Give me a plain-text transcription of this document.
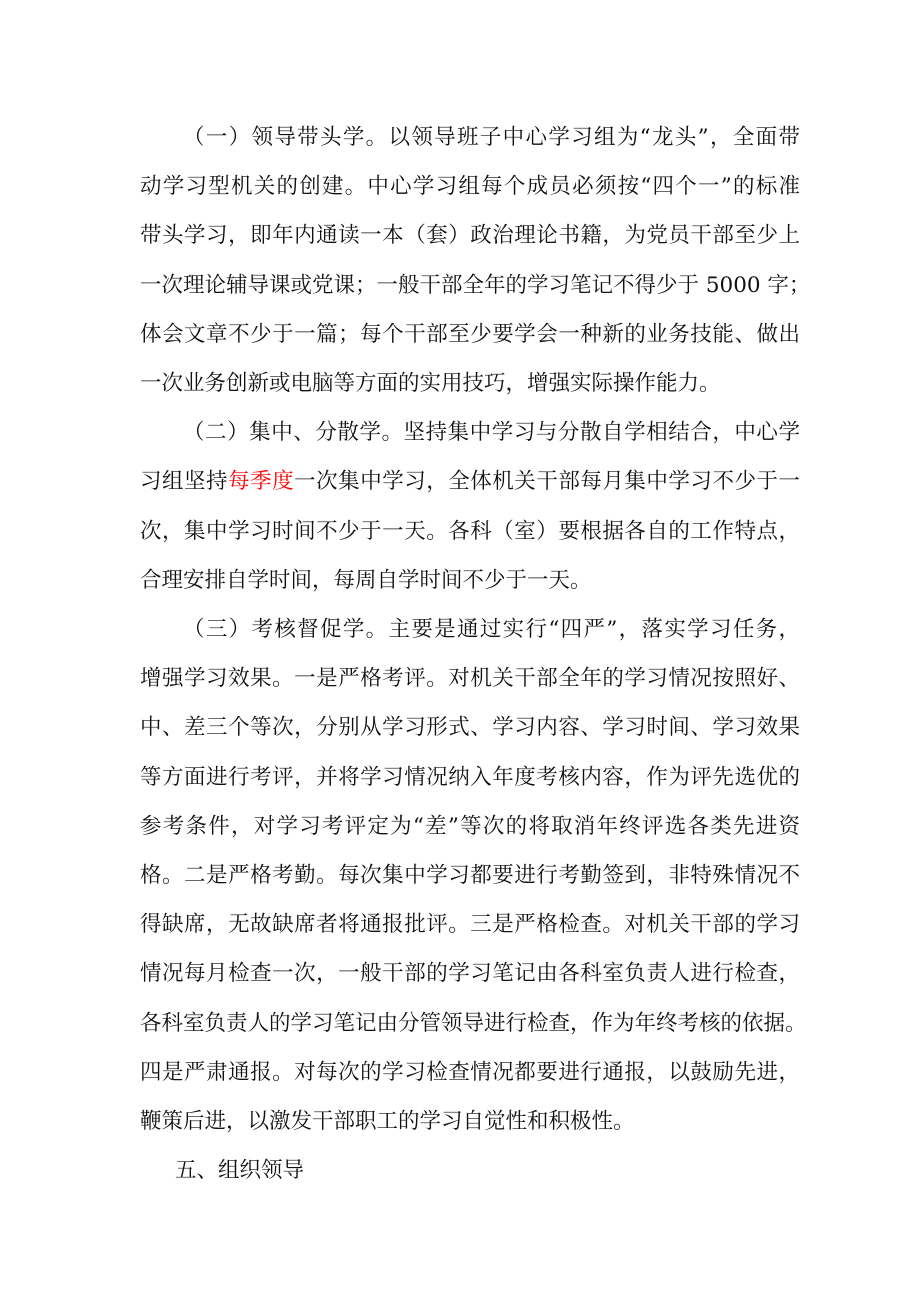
（一）领导带头学。以领导班子中心学习组为“龙头”，全面带
动学习型机关的创建。中心学习组每个成员必须按“四个一”的标准
带头学习，即年内通读一本（套）政治理论书籍，为党员干部至少上
一次理论辅导课或党课；一般干部全年的学习笔记不得少于 5000 字；
体会文章不少于一篇；每个干部至少要学会一种新的业务技能、做出
一次业务创新或电脑等方面的实用技巧，增强实际操作能力。
（二）集中、分散学。坚持集中学习与分散自学相结合，中心学
习组坚持每季度一次集中学习，全体机关干部每月集中学习不少于一
次，集中学习时间不少于一天。各科（室）要根据各自的工作特点，
合理安排自学时间，每周自学时间不少于一天。
（三）考核督促学。主要是通过实行“四严”，落实学习任务，
增强学习效果。一是严格考评。对机关干部全年的学习情况按照好、
中、差三个等次，分别从学习形式、学习内容、学习时间、学习效果
等方面进行考评，并将学习情况纳入年度考核内容，作为评先选优的
参考条件，对学习考评定为“差”等次的将取消年终评选各类先进资
格。二是严格考勤。每次集中学习都要进行考勤签到，非特殊情况不
得缺席，无故缺席者将通报批评。三是严格检查。对机关干部的学习
情况每月检查一次，一般干部的学习笔记由各科室负责人进行检查，
各科室负责人的学习笔记由分管领导进行检查，作为年终考核的依据。
四是严肃通报。对每次的学习检查情况都要进行通报，以鼓励先进，
鞭策后进，以激发干部职工的学习自觉性和积极性。
五、组织领导
